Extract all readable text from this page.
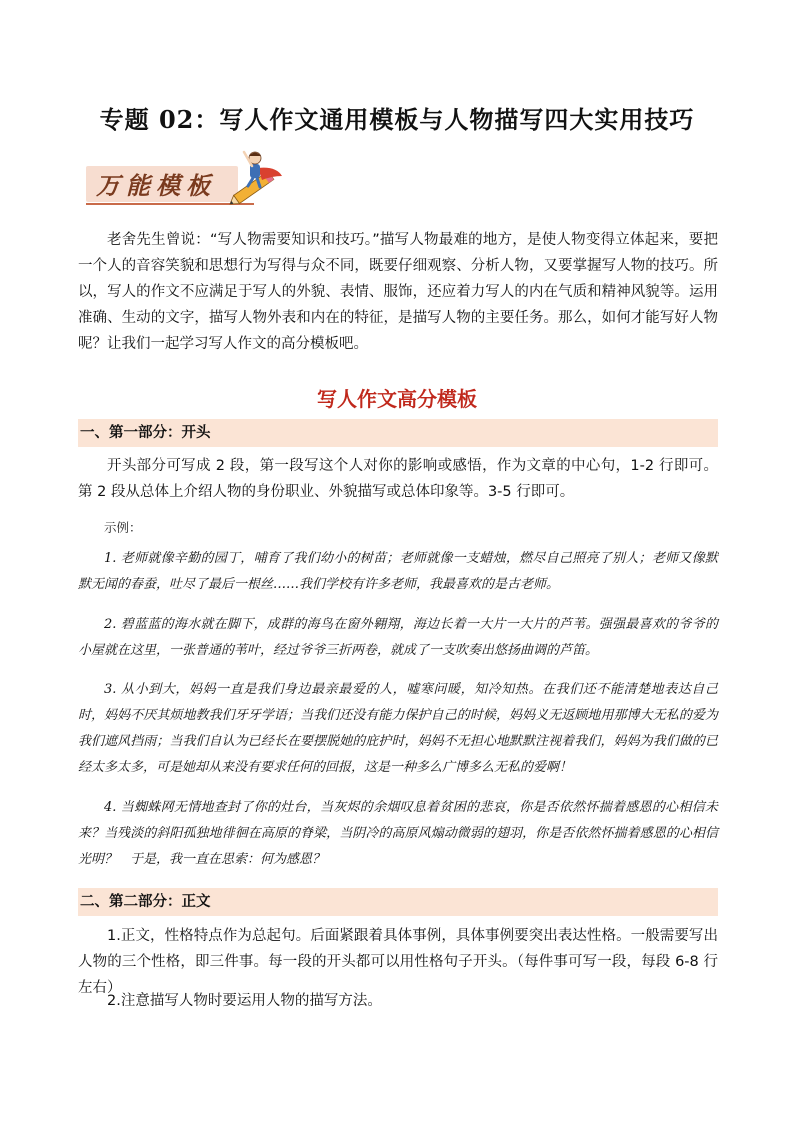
专题 02：写人作文通用模板与人物描写四大实用技巧
万能模板
老舍先生曾说：“写人物需要知识和技巧。”描写人物最难的地方，是使人物变得立体起来，要把一个人的音容笑貌和思想行为写得与众不同，既要仔细观察、分析人物，又要掌握写人物的技巧。所以，写人的作文不应满足于写人的外貌、表情、服饰，还应着力写人的内在气质和精神风貌等。运用准确、生动的文字，描写人物外表和内在的特征，是描写人物的主要任务。那么，如何才能写好人物呢？让我们一起学习写人作文的高分模板吧。
写人作文高分模板
一、第一部分：开头
开头部分可写成 2 段，第一段写这个人对你的影响或感悟，作为文章的中心句，1-2 行即可。第 2 段从总体上介绍人物的身份职业、外貌描写或总体印象等。3-5 行即可。
示例：
1. 老师就像辛勤的园丁，哺育了我们幼小的树苗；老师就像一支蜡烛，燃尽自己照亮了别人；老师又像默默无闻的春蚕，吐尽了最后一根丝……我们学校有许多老师，我最喜欢的是古老师。
2. 碧蓝蓝的海水就在脚下，成群的海鸟在窗外翱翔，海边长着一大片一大片的芦苇。强强最喜欢的爷爷的小屋就在这里，一张普通的苇叶，经过爷爷三折两卷，就成了一支吹奏出悠扬曲调的芦笛。
3. 从小到大，妈妈一直是我们身边最亲最爱的人，嘘寒问暖，知冷知热。在我们还不能清楚地表达自己时，妈妈不厌其烦地教我们牙牙学语；当我们还没有能力保护自己的时候，妈妈义无返顾地用那博大无私的爱为我们遮风挡雨；当我们自认为已经长在要摆脱她的庇护时，妈妈不无担心地默默注视着我们，妈妈为我们做的已经太多太多，可是她却从来没有要求任何的回报，这是一种多么广博多么无私的爱啊！
4. 当蜘蛛网无情地查封了你的灶台，当灰烬的余烟叹息着贫困的悲哀，你是否依然怀揣着感恩的心相信未来？当残淡的斜阳孤独地徘徊在高原的脊梁，当阴冷的高原风煽动微弱的翅羽，你是否依然怀揣着感恩的心相信光明？　于是，我一直在思索：何为感恩？
二、第二部分：正文
1.正文，性格特点作为总起句。后面紧跟着具体事例，具体事例要突出表达性格。一般需要写出人物的三个性格，即三件事。每一段的开头都可以用性格句子开头。（每件事可写一段，每段 6-8 行左右）
2.注意描写人物时要运用人物的描写方法。
